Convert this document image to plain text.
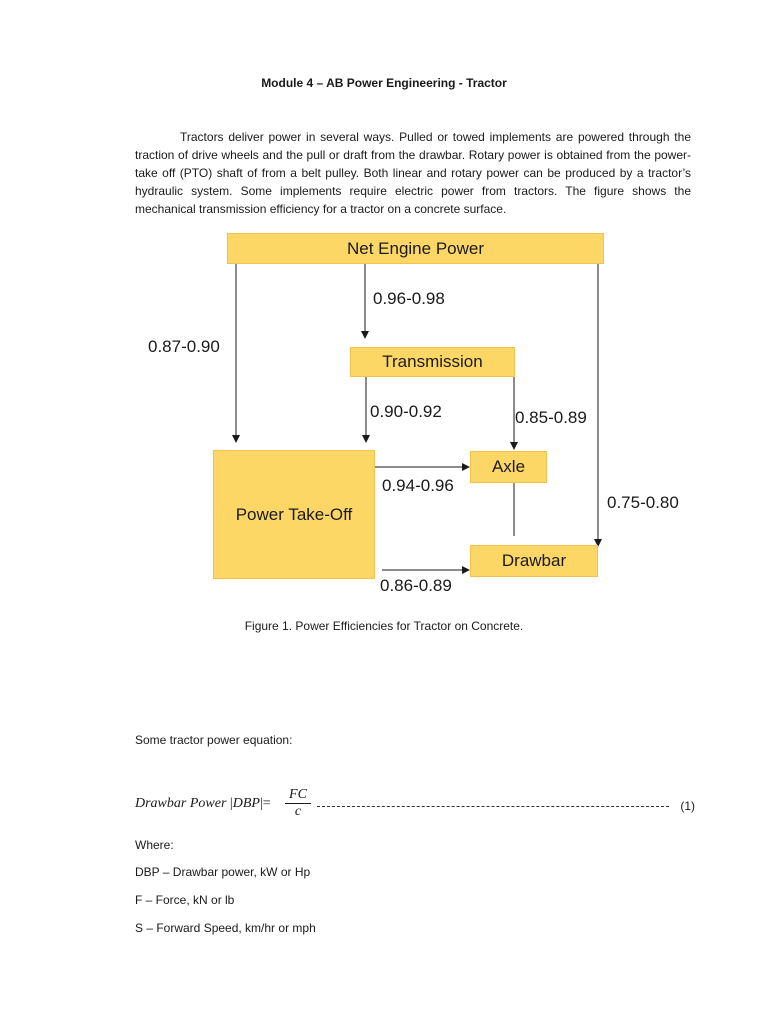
Module 4 – AB Power Engineering - Tractor

Tractors deliver power in several ways. Pulled or towed implements are powered through the traction of drive wheels and the pull or draft from the drawbar. Rotary power is obtained from the power-take off (PTO) shaft of from a belt pulley. Both linear and rotary power can be produced by a tractor’s hydraulic system. Some implements require electric power from tractors. The figure shows the mechanical transmission efficiency for a tractor on a concrete surface.

Net Engine Power
Transmission
Axle
Power Take-Off
Drawbar
0.96-0.98
0.87-0.90
0.90-0.92	0.85-0.89
0.94-0.96
0.75-0.80
0.86-0.89
Figure 1. Power Efficiencies for Tractor on Concrete.

Some tractor power equation:

Drawbar Power $|DBP|= \frac{FC}{c}$	(1)

Where:

DBP – Drawbar power, kW or Hp

F – Force, kN or lb

S – Forward Speed, km/hr or mph
